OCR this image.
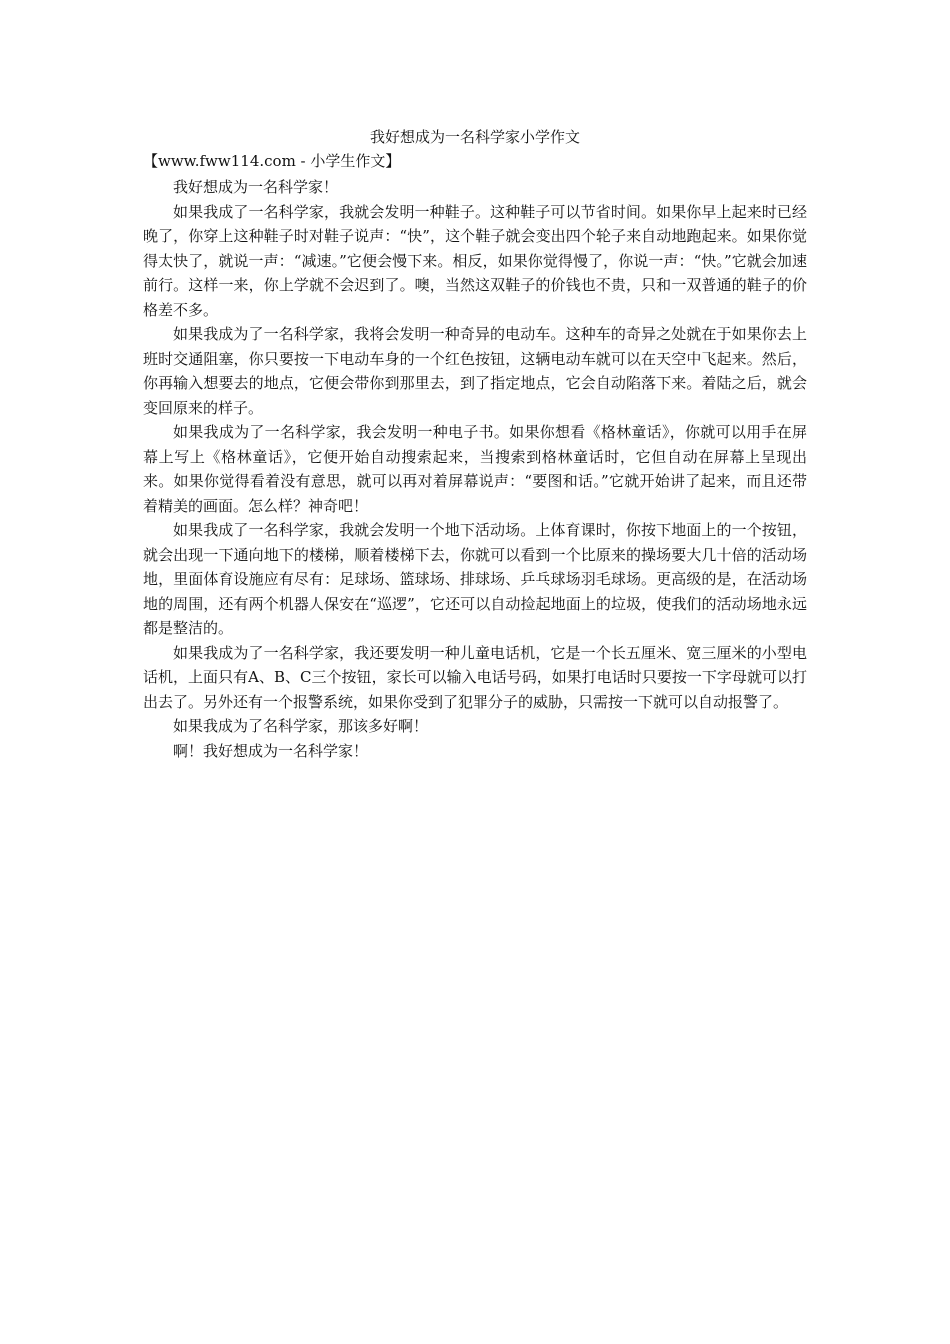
我好想成为一名科学家小学作文
【www.fww114.com - 小学生作文】

我好想成为一名科学家！

如果我成了一名科学家，我就会发明一种鞋子。这种鞋子可以节省时间。如果你早上起来时已经晚了，你穿上这种鞋子时对鞋子说声：“快”，这个鞋子就会变出四个轮子来自动地跑起来。如果你觉得太快了，就说一声：“减速。”它便会慢下来。相反，如果你觉得慢了，你说一声：“快。”它就会加速前行。这样一来，你上学就不会迟到了。噢，当然这双鞋子的价钱也不贵，只和一双普通的鞋子的价格差不多。

如果我成为了一名科学家，我将会发明一种奇异的电动车。这种车的奇异之处就在于如果你去上班时交通阻塞，你只要按一下电动车身的一个红色按钮，这辆电动车就可以在天空中飞起来。然后，你再输入想要去的地点，它便会带你到那里去，到了指定地点，它会自动陷落下来。着陆之后，就会变回原来的样子。

如果我成为了一名科学家，我会发明一种电子书。如果你想看《格林童话》，你就可以用手在屏幕上写上《格林童话》，它便开始自动搜索起来，当搜索到格林童话时，它但自动在屏幕上呈现出来。如果你觉得看着没有意思，就可以再对着屏幕说声：“要图和话。”它就开始讲了起来，而且还带着精美的画面。怎么样？神奇吧！

如果我成了一名科学家，我就会发明一个地下活动场。上体育课时，你按下地面上的一个按钮，就会出现一下通向地下的楼梯，顺着楼梯下去，你就可以看到一个比原来的操场要大几十倍的活动场地，里面体育设施应有尽有：足球场、篮球场、排球场、乒乓球场羽毛球场。更高级的是，在活动场地的周围，还有两个机器人保安在“巡逻”，它还可以自动捡起地面上的垃圾，使我们的活动场地永远都是整洁的。

如果我成为了一名科学家，我还要发明一种儿童电话机，它是一个长五厘米、宽三厘米的小型电话机，上面只有A、B、C三个按钮，家长可以输入电话号码，如果打电话时只要按一下字母就可以打出去了。另外还有一个报警系统，如果你受到了犯罪分子的威胁，只需按一下就可以自动报警了。

如果我成为了名科学家，那该多好啊！

啊！我好想成为一名科学家！
